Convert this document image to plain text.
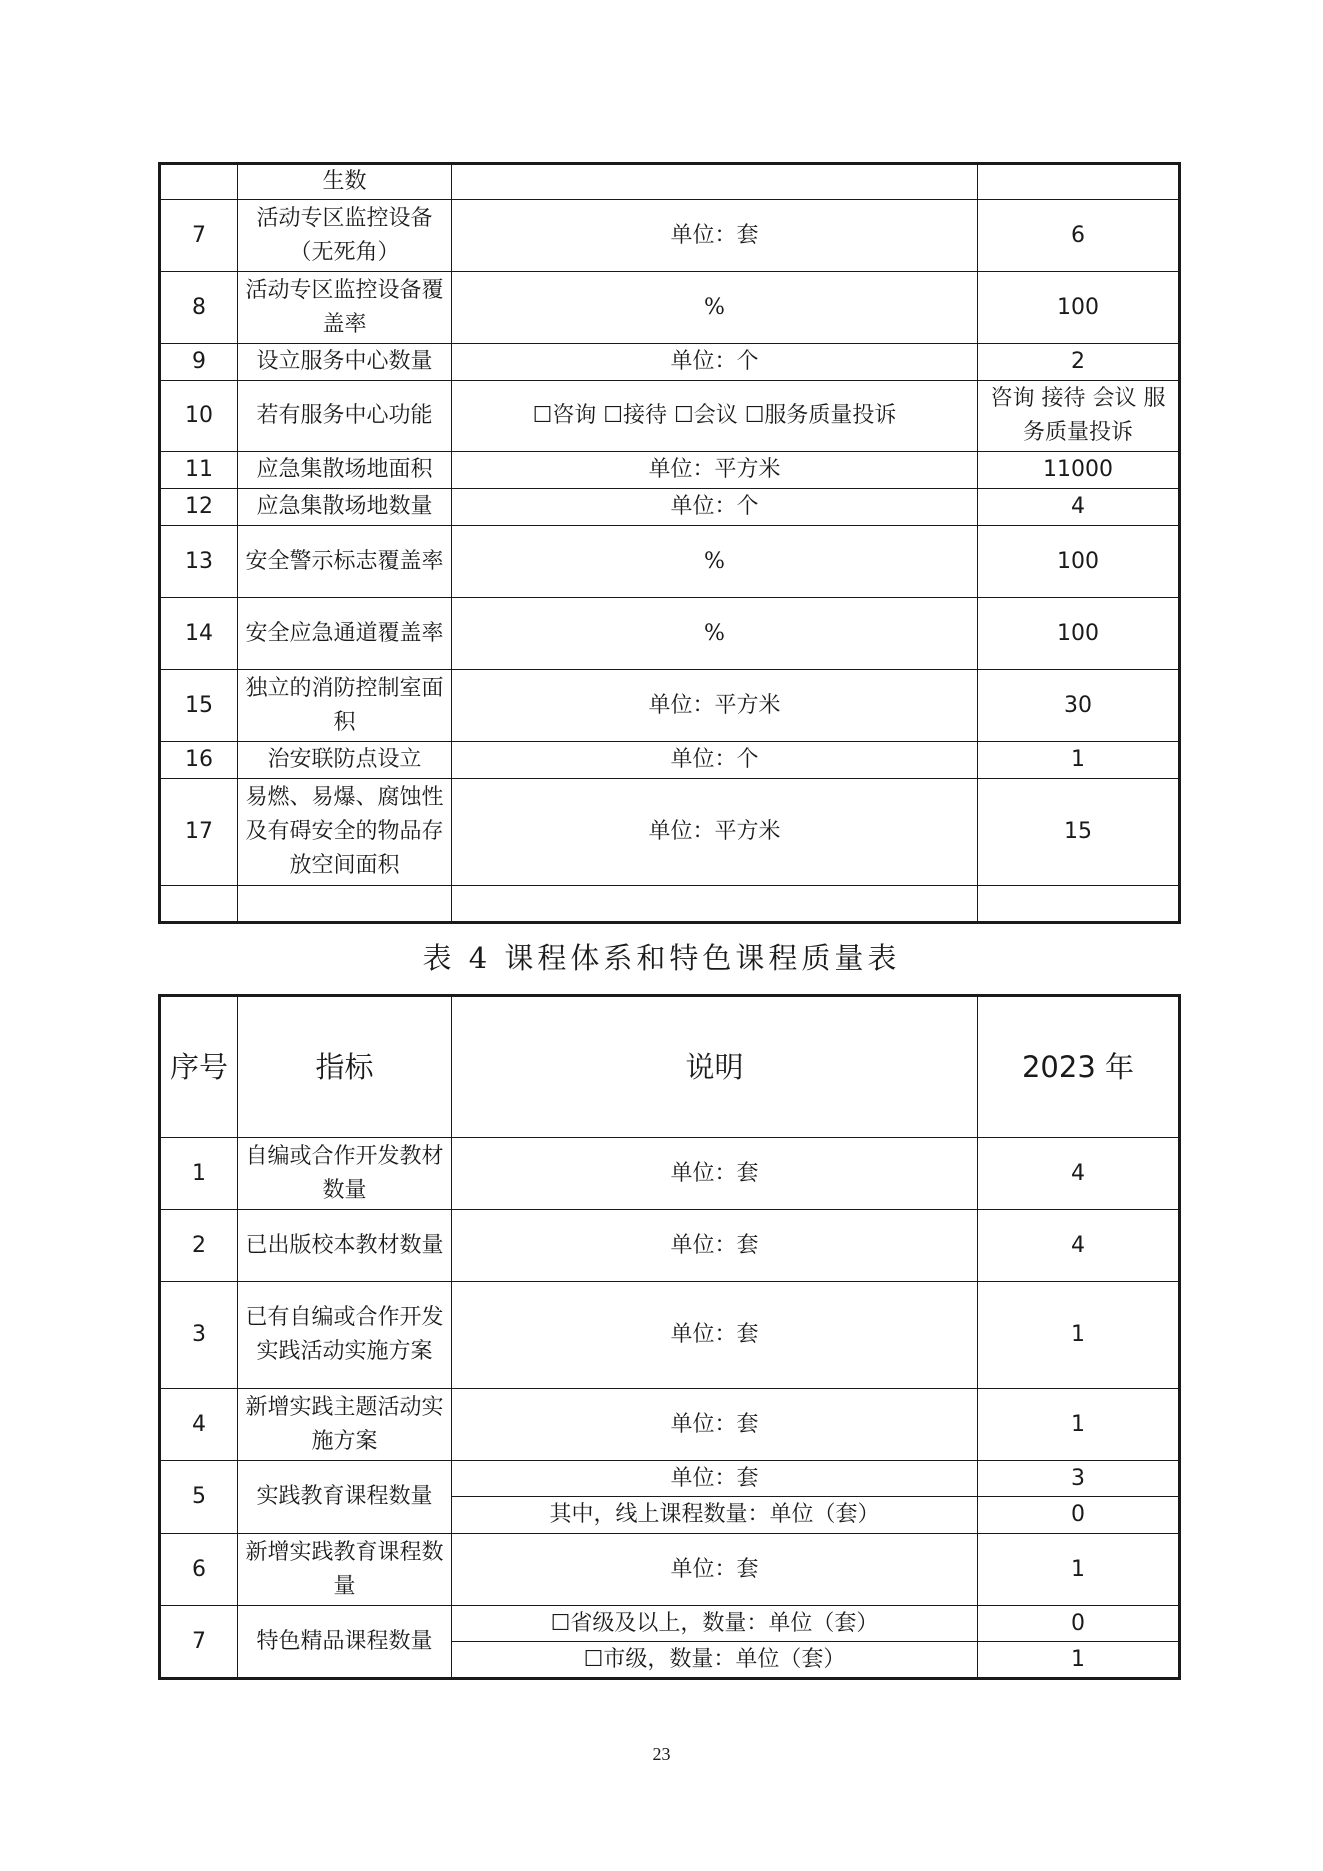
	生数		
7	活动专区监控设备（无死角）	单位：套	6
8	活动专区监控设备覆盖率	%	100
9	设立服务中心数量	单位：个	2
10	若有服务中心功能	☐咨询 ☐接待 ☐会议 ☐服务质量投诉	咨询 接待 会议 服务质量投诉
11	应急集散场地面积	单位：平方米	11000
12	应急集散场地数量	单位：个	4
13	安全警示标志覆盖率	%	100
14	安全应急通道覆盖率	%	100
15	独立的消防控制室面积	单位：平方米	30
16	治安联防点设立	单位：个	1
17	易燃、易爆、腐蚀性及有碍安全的物品存放空间面积	单位：平方米	15

表 4 课程体系和特色课程质量表
序号	指标	说明	2023 年
1	自编或合作开发教材数量	单位：套	4
2	已出版校本教材数量	单位：套	4
3	已有自编或合作开发实践活动实施方案	单位：套	1
4	新增实践主题活动实施方案	单位：套	1
5	实践教育课程数量	单位：套	3
		其中，线上课程数量：单位（套）	0
6	新增实践教育课程数量	单位：套	1
7	特色精品课程数量	☐省级及以上，数量：单位（套）	0
		☐市级，数量：单位（套）	1
23
